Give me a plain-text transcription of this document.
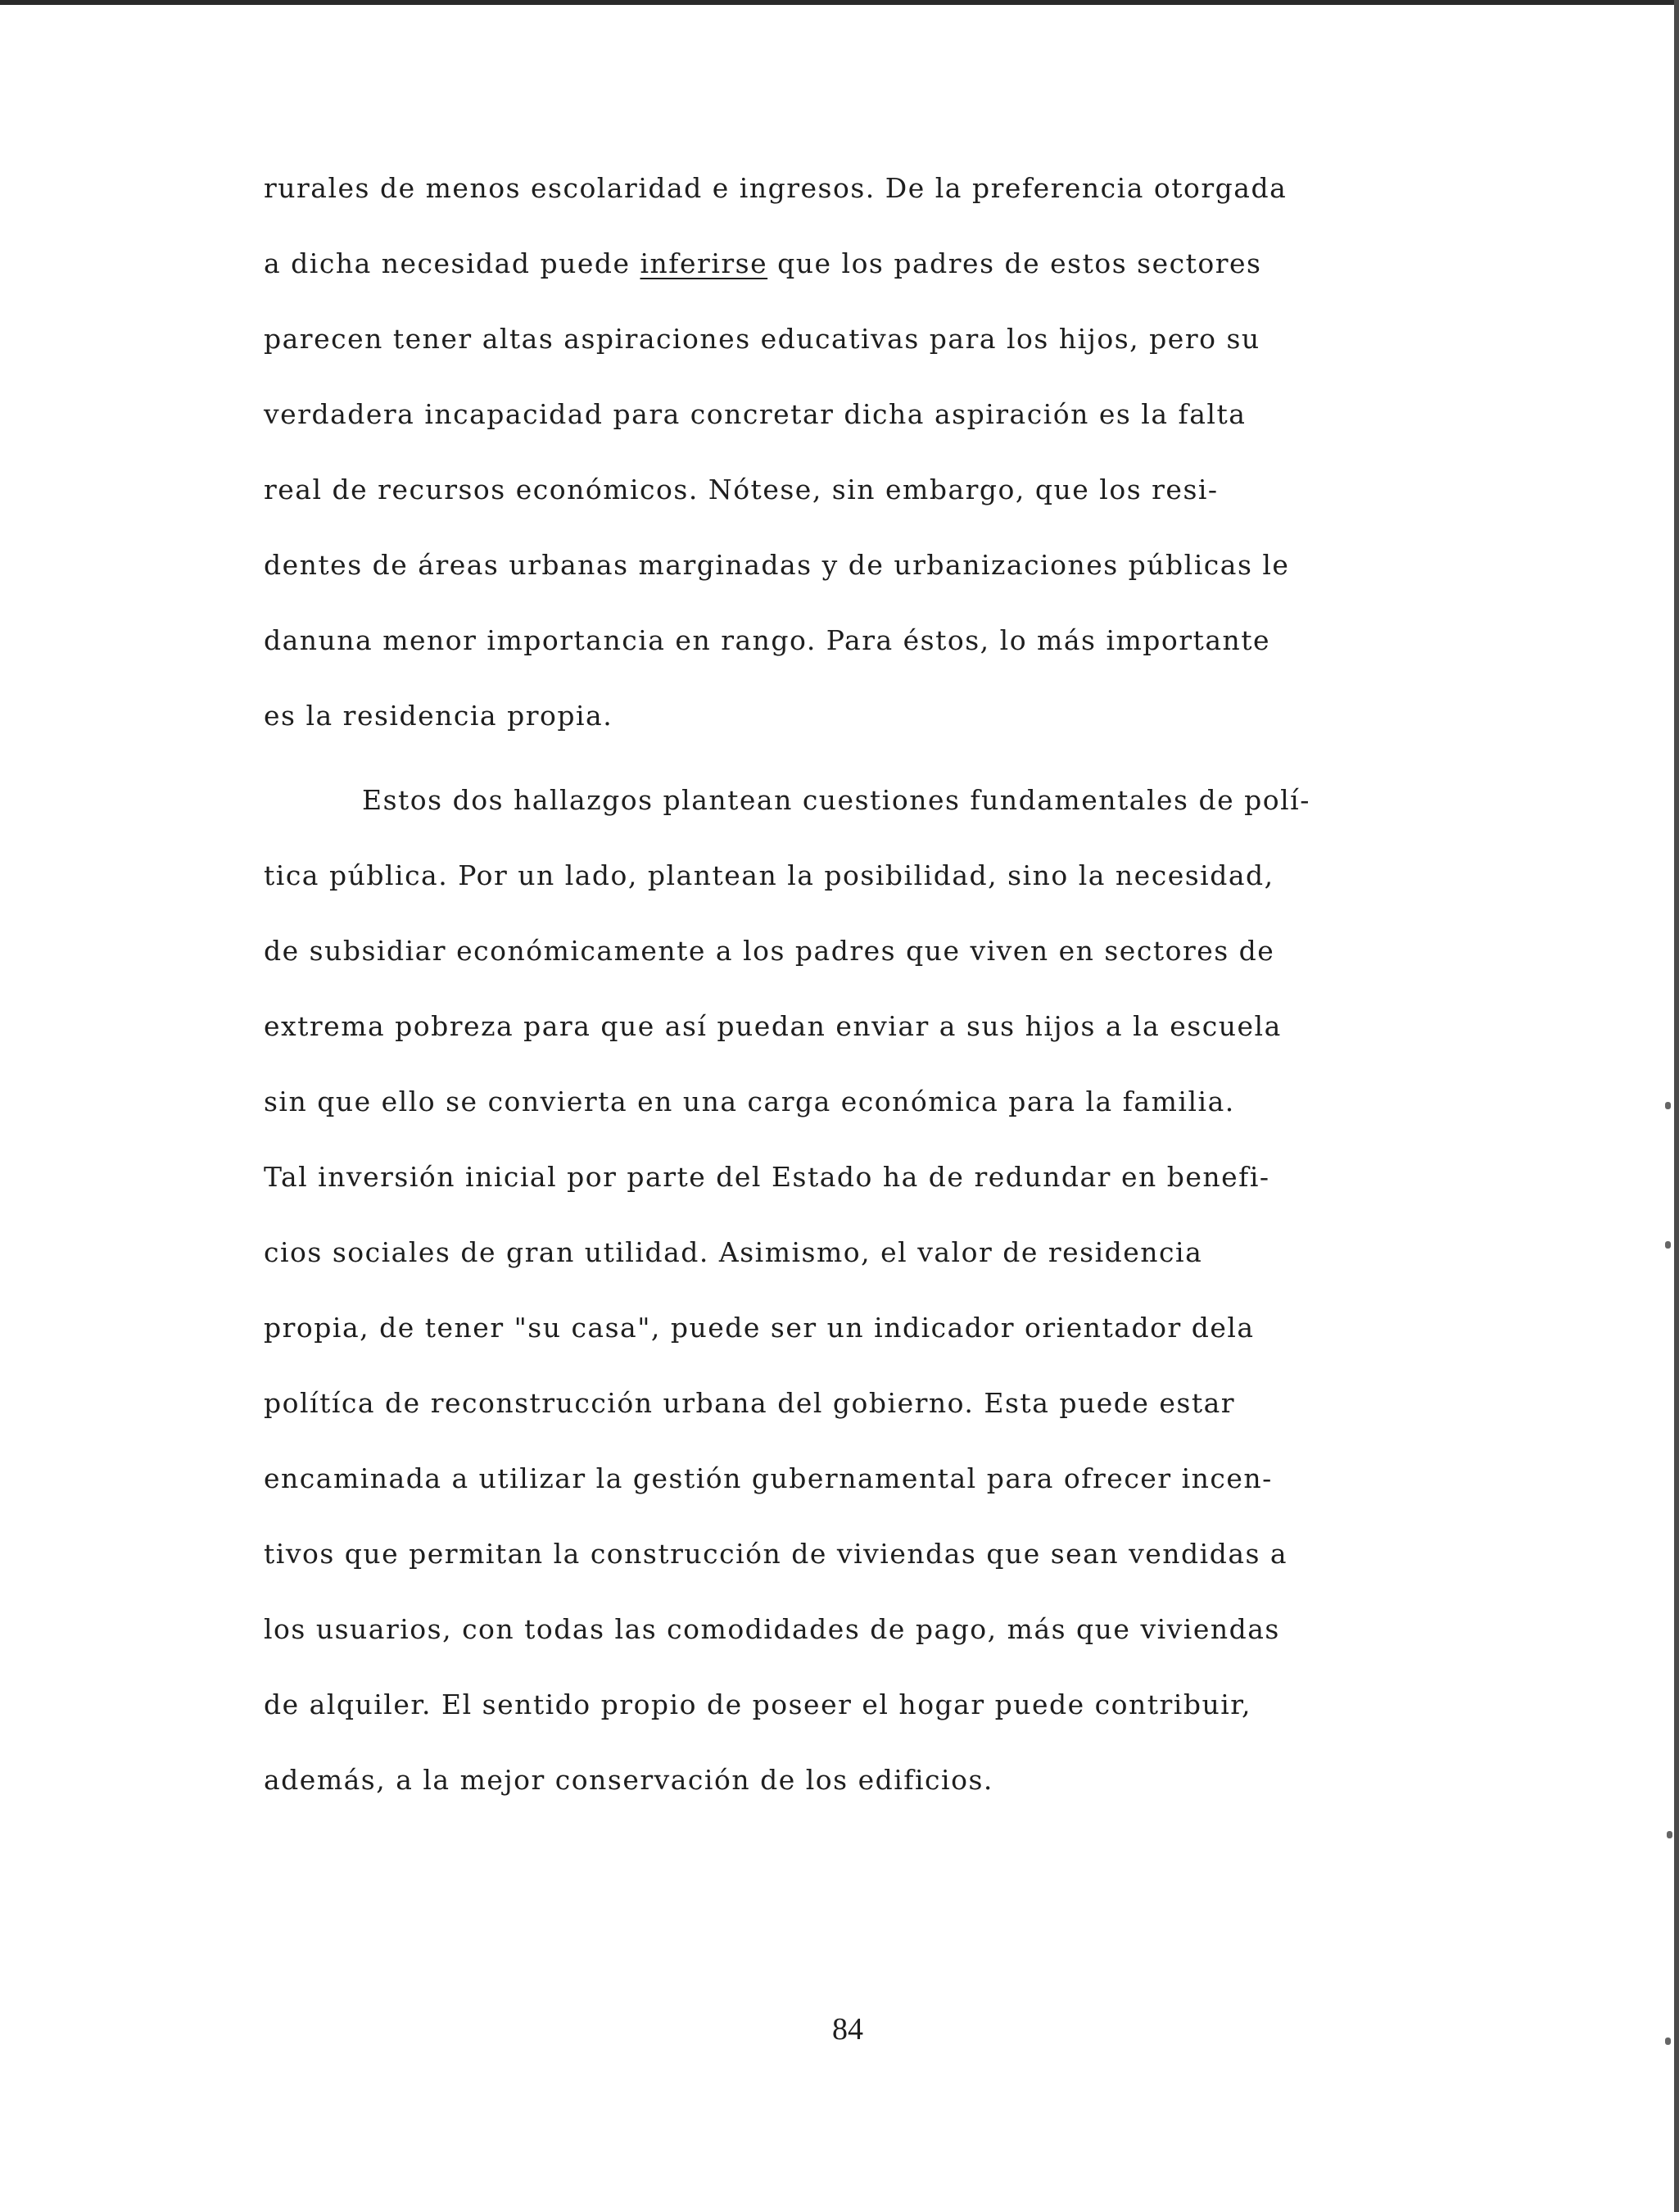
rurales de menos escolaridad e ingresos. De la preferencia otorgada
a dicha necesidad puede inferirse que los padres de estos sectores
parecen tener altas aspiraciones educativas para los hijos, pero su
verdadera incapacidad para concretar dicha aspiración es la falta
real de recursos económicos. Nótese, sin embargo, que los resi-
dentes de áreas urbanas marginadas y de urbanizaciones públicas le
danuna menor importancia en rango. Para éstos, lo más importante
es la residencia propia.
Estos dos hallazgos plantean cuestiones fundamentales de polí-
tica pública. Por un lado, plantean la posibilidad, sino la necesidad,
de subsidiar económicamente a los padres que viven en sectores de
extrema pobreza para que así puedan enviar a sus hijos a la escuela
sin que ello se convierta en una carga económica para la familia.
Tal inversión inicial por parte del Estado ha de redundar en benefi-
cios sociales de gran utilidad. Asimismo, el valor de residencia
propia, de tener "su casa", puede ser un indicador orientador dela
polítíca de reconstrucción urbana del gobierno. Esta puede estar
encaminada a utilizar la gestión gubernamental para ofrecer incen-
tivos que permitan la construcción de viviendas que sean vendidas a
los usuarios, con todas las comodidades de pago, más que viviendas
de alquiler. El sentido propio de poseer el hogar puede contribuir,
además, a la mejor conservación de los edificios.
84
